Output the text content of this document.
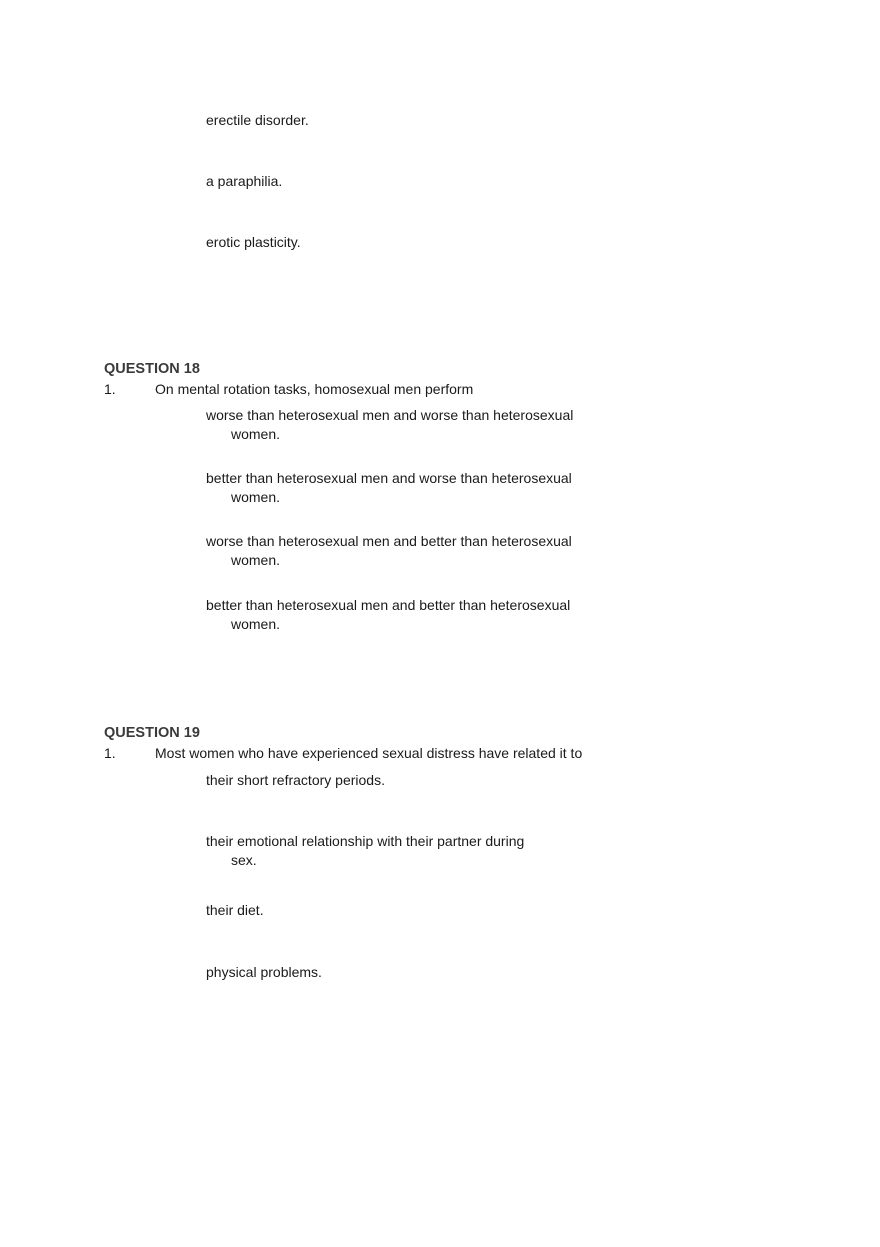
erectile disorder.
a paraphilia.
erotic plasticity.
QUESTION 18
1.	On mental rotation tasks, homosexual men perform
worse than heterosexual men and worse than heterosexual
women.
better than heterosexual men and worse than heterosexual
women.
worse than heterosexual men and better than heterosexual
women.
better than heterosexual men and better than heterosexual
women.
QUESTION 19
1.	Most women who have experienced sexual distress have related it to
their short refractory periods.
their emotional relationship with their partner during
sex.
their diet.
physical problems.
